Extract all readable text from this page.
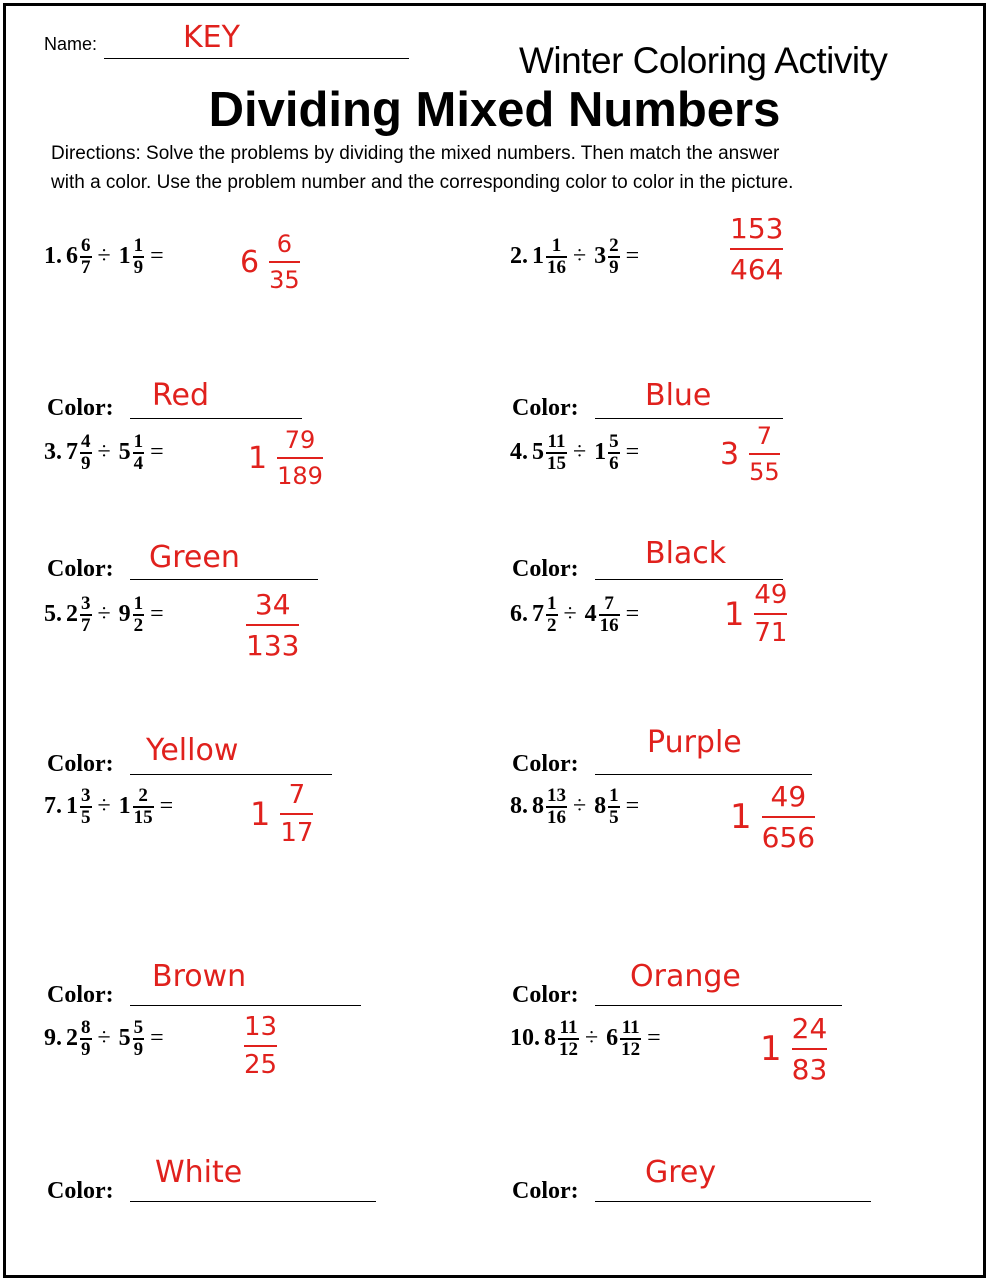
Name:	KEY
Winter Coloring Activity
Dividing Mixed Numbers
Directions: Solve the problems by dividing the mixed numbers. Then match the answer
with a color. Use the problem number and the corresponding color to color in the picture.
1. $6 \frac{6}{7} \div 1 \frac{1}{9}$ =	6
6
35
Color: Red
2. $1 \frac{1}{16} \div 3 \frac{2}{9}$ =
153
464
Color: Blue
3. $7 \frac{4}{9} \div 5 \frac{1}{4}$ =	1
79
189
Color: Green
4. $5 \frac{11}{15} \div 1 \frac{5}{6}$ =	3
7
55
Color: Black
5. $2 \frac{3}{7} \div 9 \frac{1}{2}$ =	34
133
Color: Yellow
6. $7 \frac{1}{2} \div 4 \frac{7}{16}$ =	1 49
71
Color:
Purple
7. $1 \frac{3}{5} \div 1 \frac{2}{15} = 1$ 7
17
Color:
Brown
8. $8 \frac{13}{16} \div 8 \frac{1}{5}$ =	1
49
656
Color:
Orange
9. $2 \frac{8}{9} \div 5 \frac{5}{9}$ =	13
25
Color:
White
10. $8 \frac{11}{12} \div 6 \frac{11}{12}$ =	1
24
83
Color:
Grey
